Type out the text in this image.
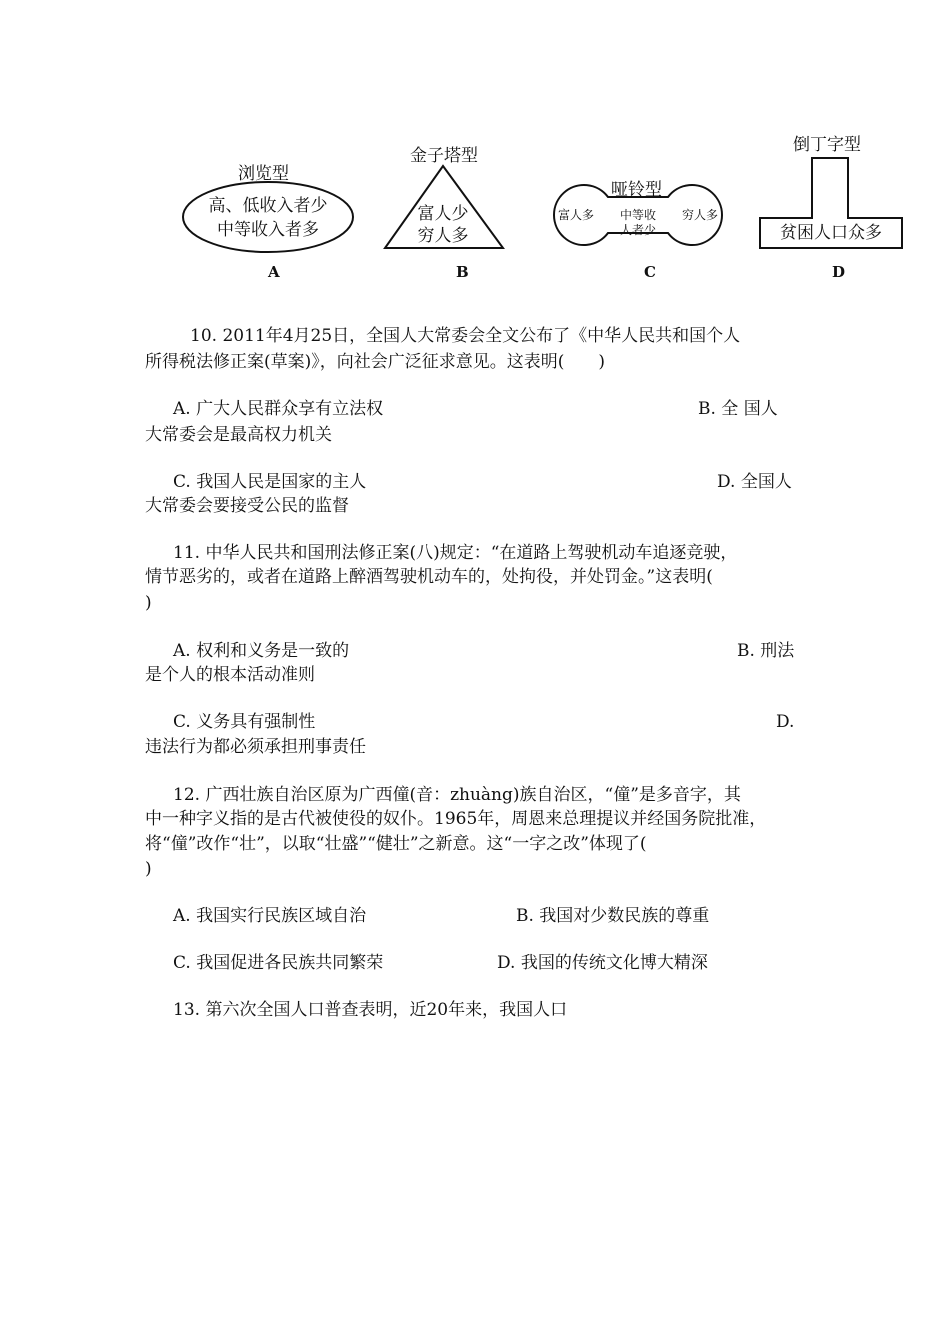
浏览型
高、低收入者少
中等收入者多
A
金子塔型
富人少
穷人多
B
哑铃型
富人多	中等收
人者少
穷人多
C
倒丁字型
贫困人口众多
D
10. 2011年4月25日，全国人大常委会全文公布了《中华人民共和国个人
所得税法修正案(草案)》，向社会广泛征求意见。这表明(　　)
A. 广大人民群众享有立法权	B. 全 国人
大常委会是最高权力机关
C. 我国人民是国家的主人	D. 全国人
大常委会要接受公民的监督
11. 中华人民共和国刑法修正案(八)规定：“在道路上驾驶机动车追逐竞驶，
情节恶劣的，或者在道路上醉酒驾驶机动车的，处拘役，并处罚金。”这表明(
)
A. 权利和义务是一致的	B. 刑法
是个人的根本活动准则
C. 义务具有强制性	D.
违法行为都必须承担刑事责任
12. 广西壮族自治区原为广西僮(音：zhuàng)族自治区，“僮”是多音字，其
中一种字义指的是古代被使役的奴仆。1965年，周恩来总理提议并经国务院批准，
将“僮”改作“壮”，以取“壮盛”“健壮”之新意。这“一字之改”体现了(
)
A. 我国实行民族区域自治	B. 我国对少数民族的尊重
C. 我国促进各民族共同繁荣	D. 我国的传统文化博大精深
13. 第六次全国人口普查表明，近20年来，我国人口
